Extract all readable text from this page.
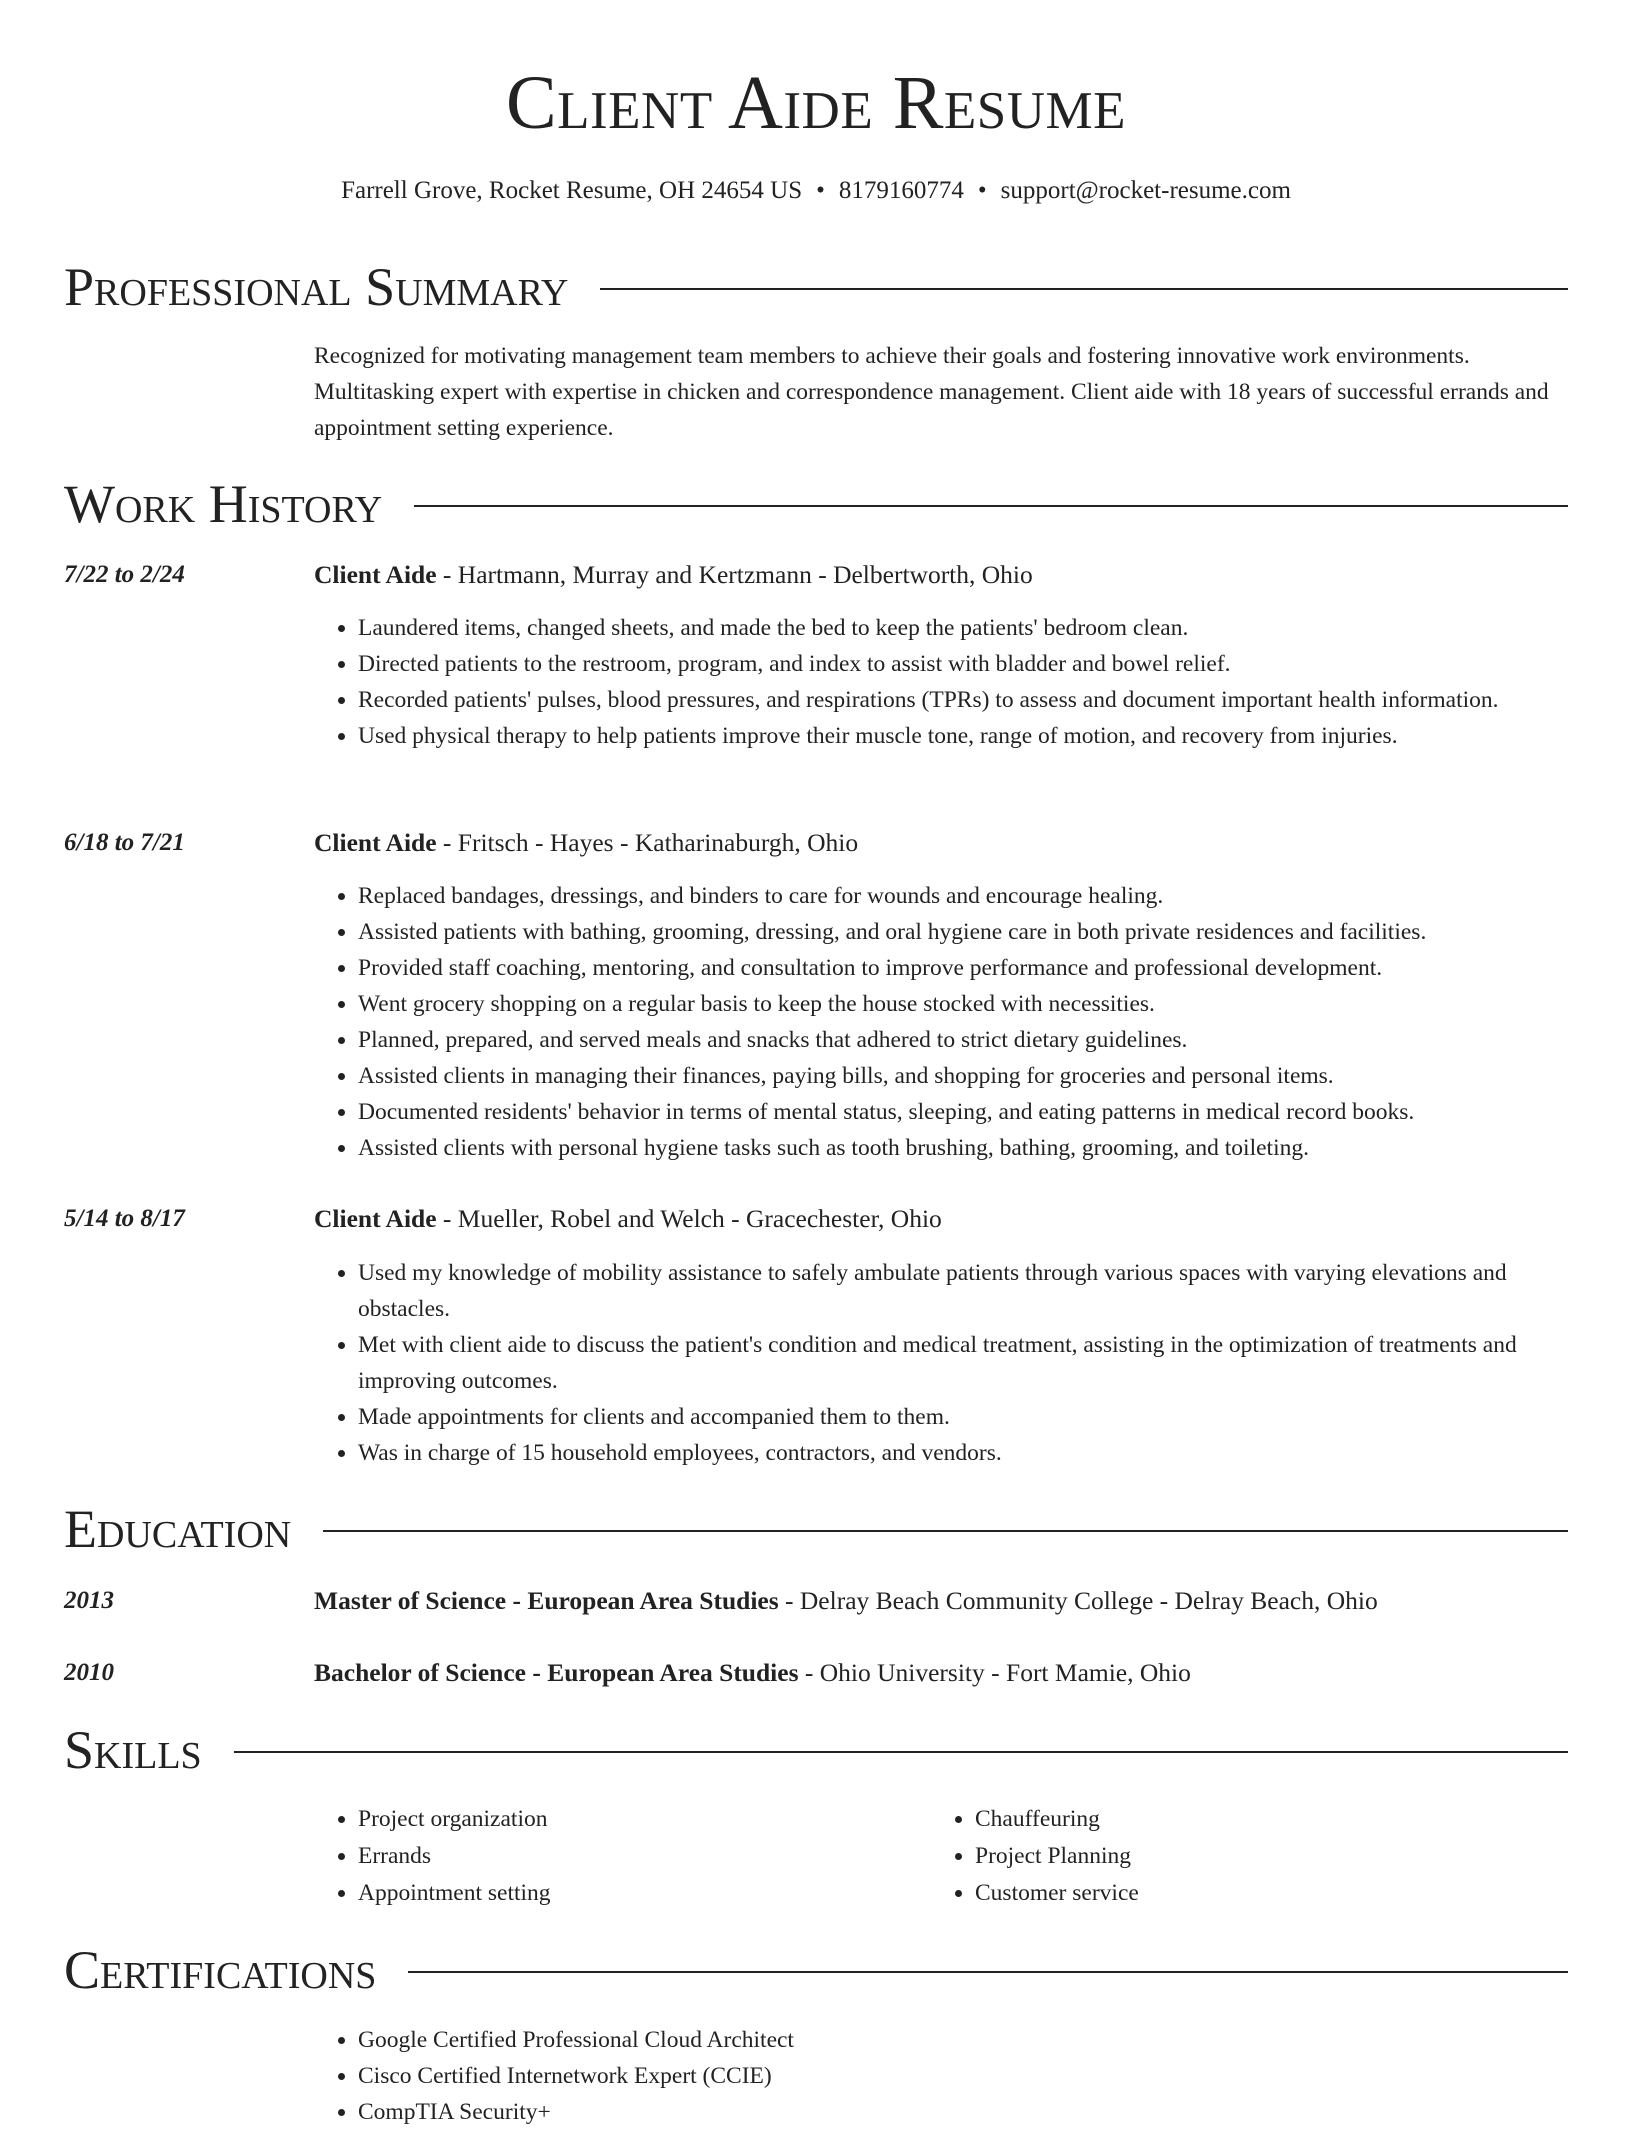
Client Aide Resume
Farrell Grove, Rocket Resume, OH 24654 US • 8179160774 • support@rocket-resume.com
Professional Summary

Recognized for motivating management team members to achieve their goals and fostering innovative work environments. Multitasking expert with expertise in chicken and correspondence management. Client aide with 18 years of successful errands and appointment setting experience.

Work History
7/22 to 2/24	Client Aide - Hartmann, Murray and Kertzmann - Delbertworth, Ohio
• Laundered items, changed sheets, and made the bed to keep the patients' bedroom clean.
• Directed patients to the restroom, program, and index to assist with bladder and bowel relief.
• Recorded patients' pulses, blood pressures, and respirations (TPRs) to assess and document important health information.
• Used physical therapy to help patients improve their muscle tone, range of motion, and recovery from injuries.
6/18 to 7/21	Client Aide - Fritsch - Hayes - Katharinaburgh, Ohio
• Replaced bandages, dressings, and binders to care for wounds and encourage healing.
• Assisted patients with bathing, grooming, dressing, and oral hygiene care in both private residences and facilities.
• Provided staff coaching, mentoring, and consultation to improve performance and professional development.
• Went grocery shopping on a regular basis to keep the house stocked with necessities.
• Planned, prepared, and served meals and snacks that adhered to strict dietary guidelines.
• Assisted clients in managing their finances, paying bills, and shopping for groceries and personal items.
• Documented residents' behavior in terms of mental status, sleeping, and eating patterns in medical record books.
• Assisted clients with personal hygiene tasks such as tooth brushing, bathing, grooming, and toileting.
5/14 to 8/17	Client Aide - Mueller, Robel and Welch - Gracechester, Ohio
• Used my knowledge of mobility assistance to safely ambulate patients through various spaces with varying elevations and obstacles.
• Met with client aide to discuss the patient's condition and medical treatment, assisting in the optimization of treatments and improving outcomes.
• Made appointments for clients and accompanied them to them.
• Was in charge of 15 household employees, contractors, and vendors.
Education
2013	Master of Science - European Area Studies - Delray Beach Community College - Delray Beach, Ohio
2010	Bachelor of Science - European Area Studies - Ohio University - Fort Mamie, Ohio
Skills
• Project organization
• Errands
• Appointment setting
• Chauffeuring
• Project Planning
• Customer service
Certifications
• Google Certified Professional Cloud Architect
• Cisco Certified Internetwork Expert (CCIE)
• CompTIA Security+
